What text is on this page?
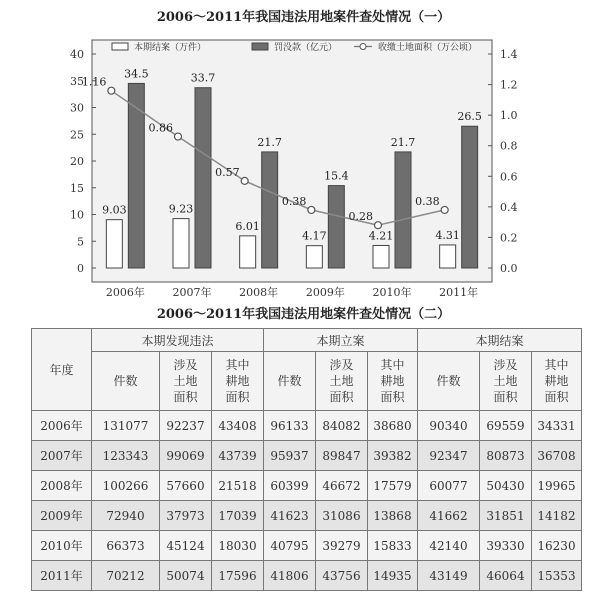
2006～2011年我国违法用地案件查处情况（一）
本期结案（万件）	罚没款（亿元）	收缴土地面积（万公顷）
0
5
10
15
20
25
30
35
40
0.0
0.2
0.4
0.6
0.8
1.0
1.2
1.4
9.03
34.5
9.23
33.7
6.01
21.7
4.17
15.4
4.21
21.7
4.31
26.5
1.16
0.86
0.57
0.38
0.28
0.38
2006年	2007年	2008年	2009年	2010年	2011年
2006～2011年我国违法用地案件查处情况（二）
年度	本期发现违法			本期立案			本期结案		
	件数	涉及
土地
面积	其中
耕地
面积	件数	涉及
土地
面积	其中
耕地
面积	件数	涉及
土地
面积	其中
耕地
面积
2006年	131077	92237	43408	96133	84082	38680	90340	69559	34331
2007年	123343	99069	43739	95937	89847	39382	92347	80873	36708
2008年	100266	57660	21518	60399	46672	17579	60077	50430	19965
2009年	72940	37973	17039	41623	31086	13868	41662	31851	14182
2010年	66373	45124	18030	40795	39279	15833	42140	39330	16230
2011年	70212	50074	17596	41806	43756	14935	43149	46064	15353
